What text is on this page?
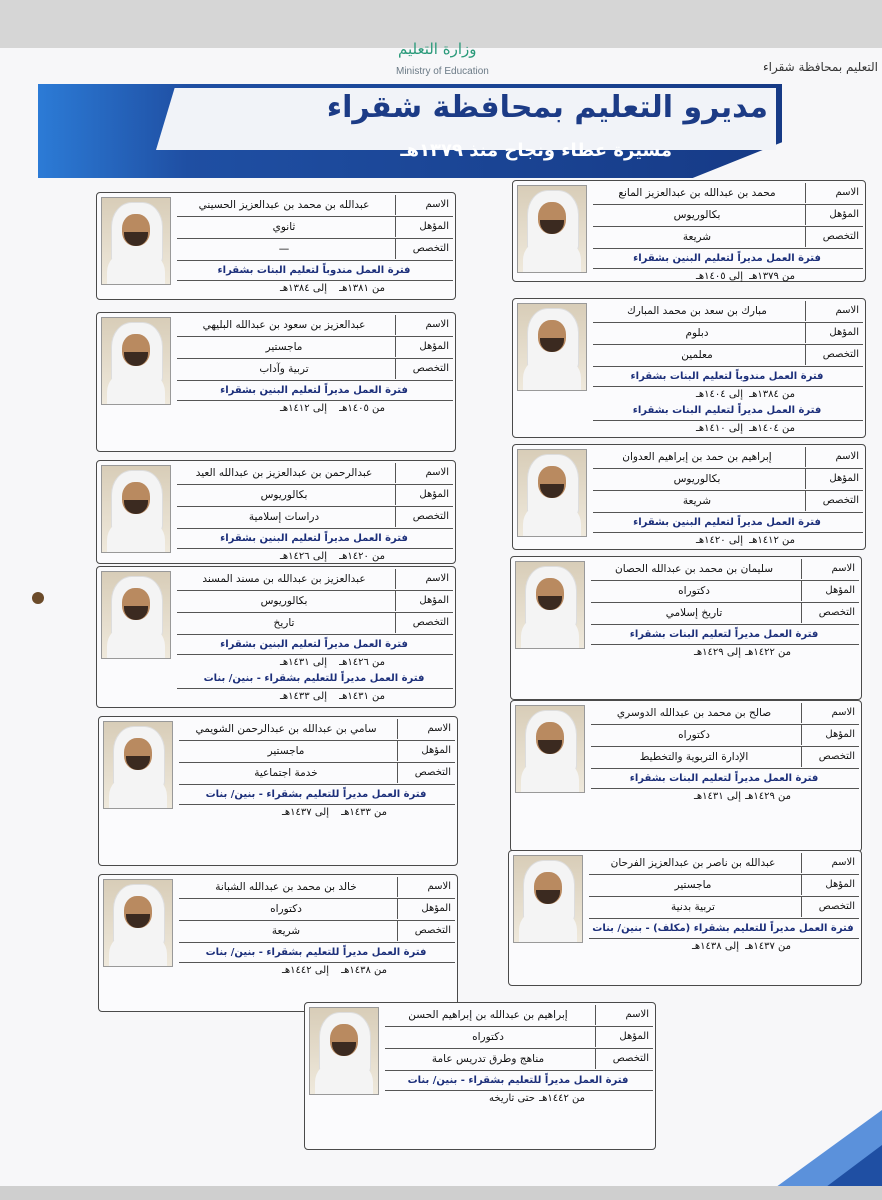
وزارة التعليم
Ministry of Education	التعليم بمحافظة شقراء
مديرو التعليم بمحافظة شقراء
مسيرة عطاء ونجاح منذ ١٣٧٩هـ
الاسم
محمد بن عبدالله بن عبدالعزيز المانع
المؤهل
بكالوريوس
التخصص
شريعة
فترة العمل مديراً لتعليم البنين بشقراء
من ١٣٧٩هـ
إلى ١٤٠٥هـ
الاسم
عبدالله بن محمد بن عبدالعزيز الحسيني
المؤهل
ثانوي
التخصص
—
فترة العمل مندوباً لتعليم البنات بشقراء
من ١٣٨١هـ
إلى ١٣٨٤هـ
الاسم
مبارك بن سعد بن محمد المبارك
المؤهل
دبلوم
التخصص
معلمين
فترة العمل مندوباً لتعليم البنات بشقراء
من ١٣٨٤هـ
إلى ١٤٠٤هـ
فترة العمل مديراً لتعليم البنات بشقراء
من ١٤٠٤هـ
إلى ١٤١٠هـ
الاسم
عبدالعزيز بن سعود بن عبدالله البليهي
المؤهل
ماجستير
التخصص
تربية وآداب
فترة العمل مديراً لتعليم البنين بشقراء
من ١٤٠٥هـ
إلى ١٤١٢هـ
الاسم
إبراهيم بن حمد بن إبراهيم العدوان
المؤهل
بكالوريوس
التخصص
شريعة
فترة العمل مديراً لتعليم البنين بشقراء
من ١٤١٢هـ
إلى ١٤٢٠هـ
الاسم
عبدالرحمن بن عبدالعزيز بن عبدالله العيد
المؤهل
بكالوريوس
التخصص
دراسات إسلامية
فترة العمل مديراً لتعليم البنين بشقراء
من ١٤٢٠هـ
إلى ١٤٢٦هـ
الاسم
سليمان بن محمد بن عبدالله الحصان
المؤهل
دكتوراه
التخصص
تاريخ إسلامي
فترة العمل مديراً لتعليم البنات بشقراء
من ١٤٢٢هـ
إلى ١٤٢٩هـ
الاسم
عبدالعزيز بن عبدالله بن مسند المسند
المؤهل
بكالوريوس
التخصص
تاريخ
فترة العمل مديراً لتعليم البنين بشقراء
من ١٤٢٦هـ
إلى ١٤٣١هـ
فترة العمل مديراً للتعليم بشقراء - بنين/ بنات
من ١٤٣١هـ
إلى ١٤٣٣هـ
الاسم
صالح بن محمد بن عبدالله الدوسري
المؤهل
دكتوراه
التخصص
الإدارة التربوية والتخطيط
فترة العمل مديراً لتعليم البنات بشقراء
من ١٤٢٩هـ
إلى ١٤٣١هـ
الاسم
سامي بن عبدالله بن عبدالرحمن الشويمي
المؤهل
ماجستير
التخصص
خدمة اجتماعية
فترة العمل مديراً للتعليم بشقراء - بنين/ بنات
من ١٤٣٣هـ
إلى ١٤٣٧هـ
الاسم
عبدالله بن ناصر بن عبدالعزيز الفرحان
المؤهل
ماجستير
التخصص
تربية بدنية
فترة العمل مديراً للتعليم بشقراء (مكلف) - بنين/ بنات
من ١٤٣٧هـ
إلى ١٤٣٨هـ
الاسم
خالد بن محمد بن عبدالله الشبانة
المؤهل
دكتوراه
التخصص
شريعة
فترة العمل مديراً للتعليم بشقراء - بنين/ بنات
من ١٤٣٨هـ
إلى ١٤٤٢هـ
الاسم
إبراهيم بن عبدالله بن إبراهيم الحسن
المؤهل
دكتوراه
التخصص
مناهج وطرق تدريس عامة
فترة العمل مديراً للتعليم بشقراء - بنين/ بنات
من ١٤٤٢هـ
حتى تاريخه
